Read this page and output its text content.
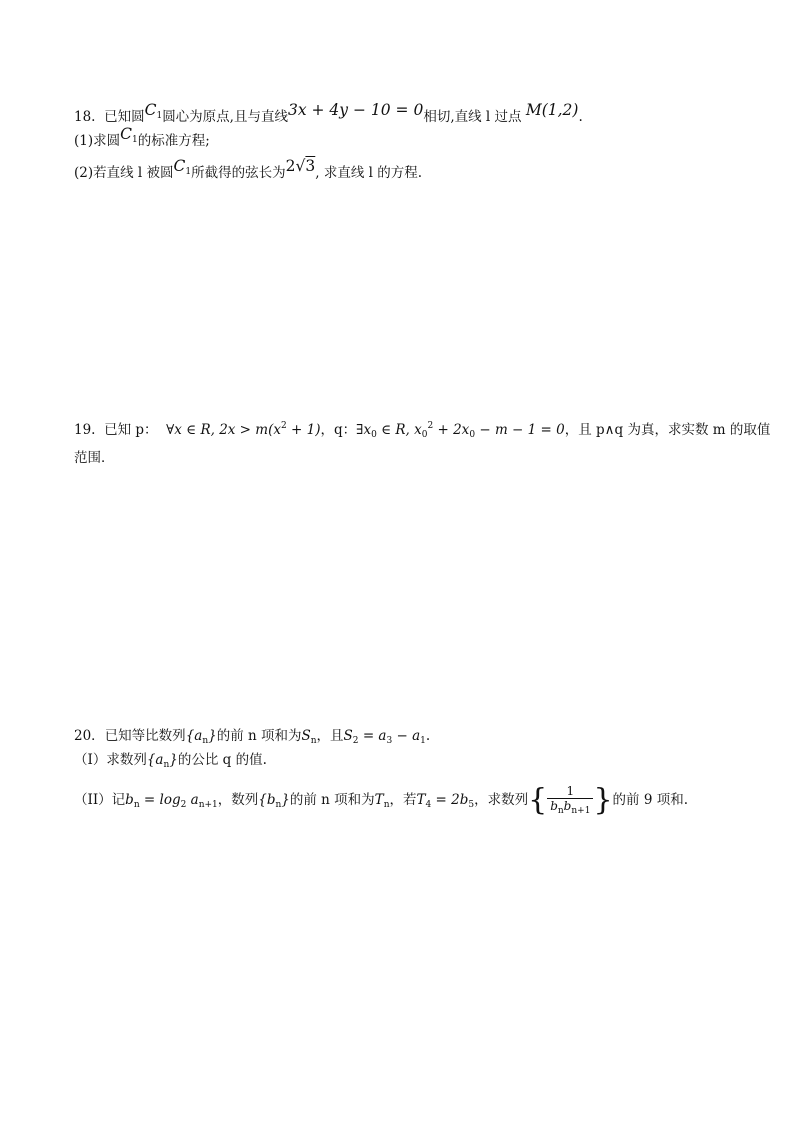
18. 已知圆$C_1$圆心为原点,且与直线3x + 4y − 10 = 0相切,直线 l 过点 M(1,2).
(1)求圆$C_1$的标准方程;
(2)若直线 l 被圆$C_1$所截得的弦长为2√3, 求直线 l 的方程.
19. 已知 p： ∀x ∈ R, $2x > m(x^2 + 1)$，q：$\exists x_0$ ∈ R, $x_0^2 + 2x_0 - m - 1 = 0$，且 p∧q 为真，求实数 m 的取值
范围．
20．已知等比数列$\{a_n\}$的前 n 项和为$S_n$，且$S_2 = a_3 - a_1$.
（I）求数列$\{a_n\}$的公比 q 的值.
（II）记$b_n = \log_2 a_{n+1}$，数列$\{b_n\}$的前 n 项和为$T_n$，若$T_4 = 2b_5$，求数列{ $\frac{1}{b_nb_{n+1}}$ }的前 9 项和.
